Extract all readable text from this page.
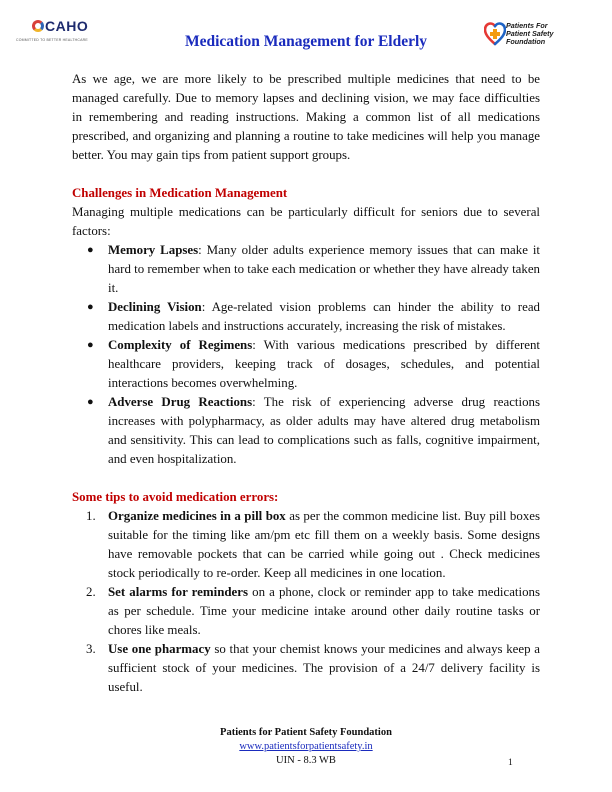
CAHO
COMMITTED TO BETTER HEALTHCARE	Medication Management for Elderly
Patients For
Patient Safety
Foundation

As we age, we are more likely to be prescribed multiple medicines that need to be managed carefully. Due to memory lapses and declining vision, we may face difficulties in remembering and reading instructions. Making a common list of all medications prescribed, and organizing and planning a routine to take medicines will help you manage better. You may gain tips from patient support groups.

Challenges in Medication Management

Managing multiple medications can be particularly difficult for seniors due to several factors:

● Memory Lapses: Many older adults experience memory issues that can make it hard to remember when to take each medication or whether they have already taken it.
● Declining Vision: Age-related vision problems can hinder the ability to read medication labels and instructions accurately, increasing the risk of mistakes.
● Complexity of Regimens: With various medications prescribed by different healthcare providers, keeping track of dosages, schedules, and potential interactions becomes overwhelming.
● Adverse Drug Reactions: The risk of experiencing adverse drug reactions increases with polypharmacy, as older adults may have altered drug metabolism and sensitivity. This can lead to complications such as falls, cognitive impairment, and even hospitalization.

Some tips to avoid medication errors:

1. Organize medicines in a pill box as per the common medicine list. Buy pill boxes suitable for the timing like am/pm etc fill them on a weekly basis. Some designs have removable pockets that can be carried while going out . Check medicines stock periodically to re-order. Keep all medicines in one location.
2. Set alarms for reminders on a phone, clock or reminder app to take medications as per schedule. Time your medicine intake around other daily routine tasks or chores like meals.
3. Use one pharmacy so that your chemist knows your medicines and always keep a sufficient stock of your medicines. The provision of a 24/7 delivery facility is useful.
Patients for Patient Safety Foundation
www.patientsforpatientsafety.in
UIN - 8.3 WB	1
